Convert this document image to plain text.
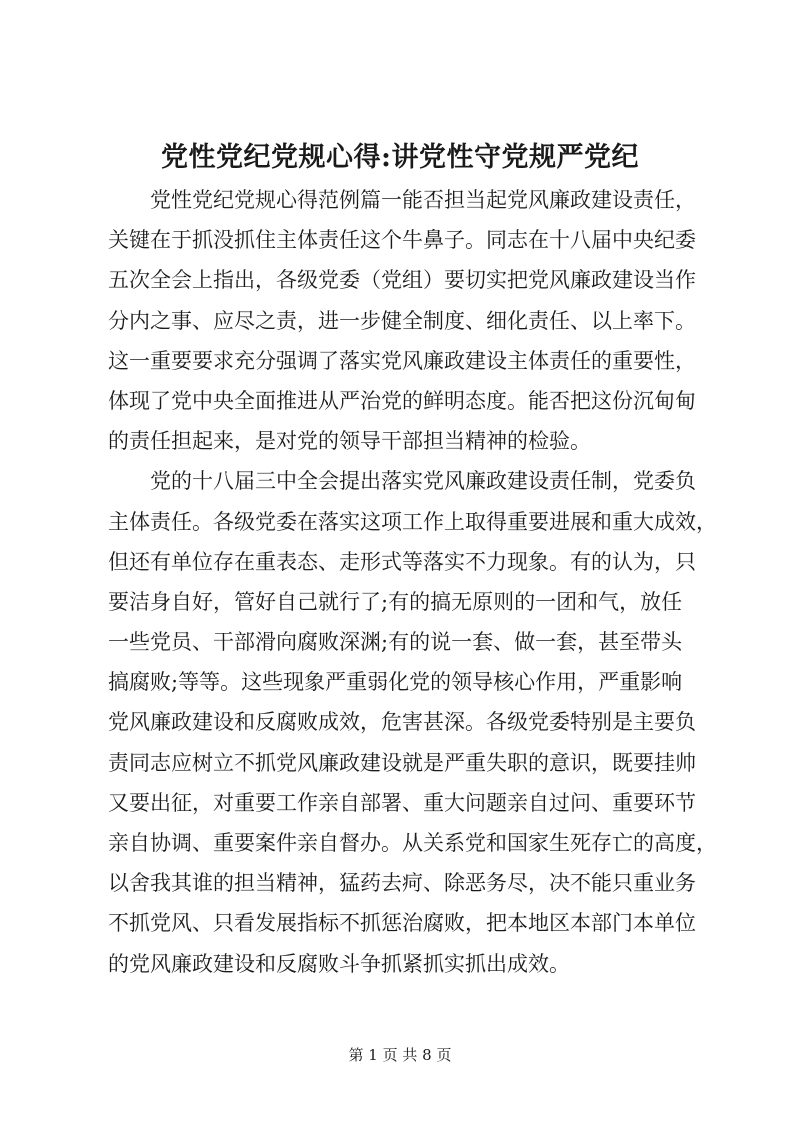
党性党纪党规心得:讲党性守党规严党纪
党性党纪党规心得范例篇一能否担当起党风廉政建设责任，
关键在于抓没抓住主体责任这个牛鼻子。同志在十八届中央纪委
五次全会上指出，各级党委（党组）要切实把党风廉政建设当作
分内之事、应尽之责，进一步健全制度、细化责任、以上率下。
这一重要要求充分强调了落实党风廉政建设主体责任的重要性，
体现了党中央全面推进从严治党的鲜明态度。能否把这份沉甸甸
的责任担起来，是对党的领导干部担当精神的检验。
党的十八届三中全会提出落实党风廉政建设责任制，党委负
主体责任。各级党委在落实这项工作上取得重要进展和重大成效，
但还有单位存在重表态、走形式等落实不力现象。有的认为，只
要洁身自好，管好自己就行了;有的搞无原则的一团和气，放任
一些党员、干部滑向腐败深渊;有的说一套、做一套，甚至带头
搞腐败;等等。这些现象严重弱化党的领导核心作用，严重影响
党风廉政建设和反腐败成效，危害甚深。各级党委特别是主要负
责同志应树立不抓党风廉政建设就是严重失职的意识，既要挂帅
又要出征，对重要工作亲自部署、重大问题亲自过问、重要环节
亲自协调、重要案件亲自督办。从关系党和国家生死存亡的高度，
以舍我其谁的担当精神，猛药去疴、除恶务尽，决不能只重业务
不抓党风、只看发展指标不抓惩治腐败，把本地区本部门本单位
的党风廉政建设和反腐败斗争抓紧抓实抓出成效。
第 1 页 共 8 页
